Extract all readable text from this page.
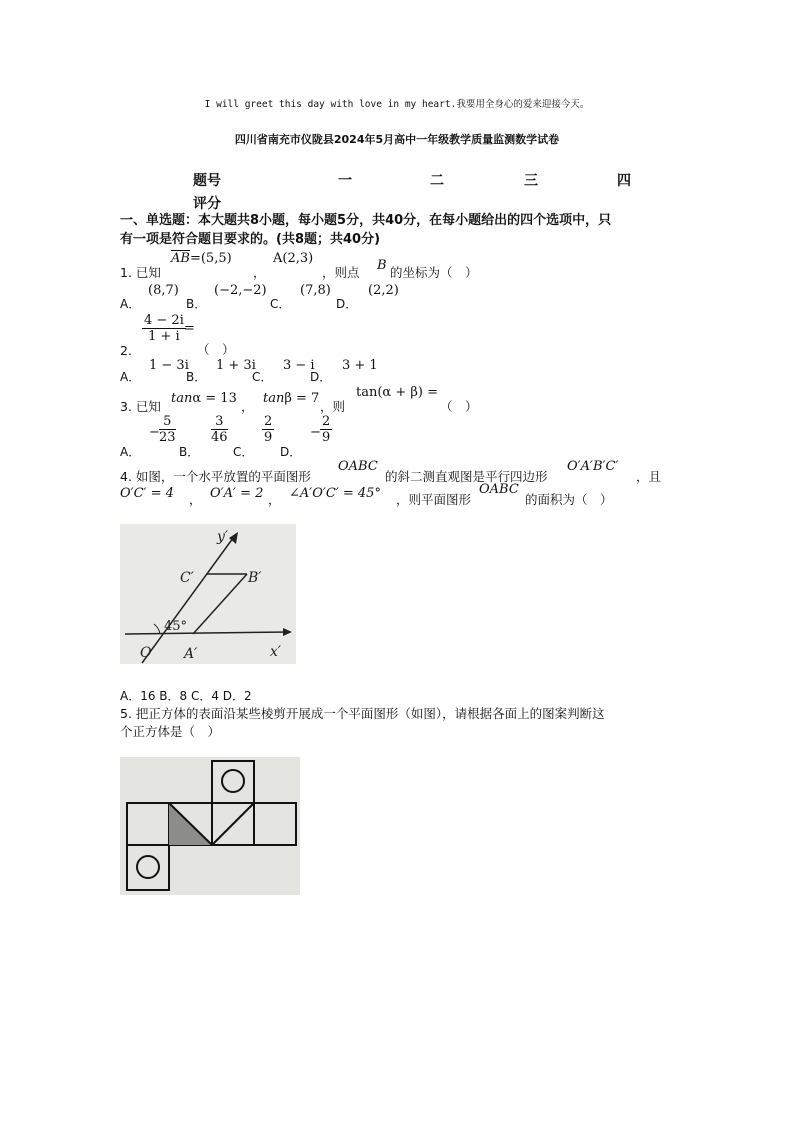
I will greet this day with love in my heart.我要用全身心的爱来迎接今天。
四川省南充市仪陇县2024年5月高中一年级教学质量监测数学试卷
题号	一	二	三	四
评分
一、单选题：本大题共8小题，每小题5分，共40分，在每小题给出的四个选项中，只
有一项是符合题目要求的。(共8题；共40分)
1. 已知
AB=(5,5)
，
A(2,3)
，则点 B 的坐标为（　）
A．
(8,7)
B．
(−2,−2)
C．
(7,8)
D．
(2,2)
$\frac{4 - 2i}{1 + i}$
=
2.	（　）
A．
1 − 3i
B．
1 + 3i
C．
3 − i
D．
3 + 1
3. 已知
tanα = 13
，
tanβ = 7
，则
tan(α + β) =
（　）
A．
− $\frac{5}{23}$
B．
$\frac{3}{46}$
C．
$\frac{2}{9}$
D．
− $\frac{2}{9}$
4. 如图，一个水平放置的平面图形
OABC
的斜二测直观图是平行四边形
O′A′B′C′
，且
O′C′ = 4 ， O′A′ = 2 ， ∠A′O′C′ = 45° ，则平面图形
OABC
的面积为（　）
y′
x′
O′ A′
B′
C′
45°
A．16 B．8 C．4 D．2
5. 把正方体的表面沿某些棱剪开展成一个平面图形（如图），请根据各面上的图案判断这
个正方体是（　）
